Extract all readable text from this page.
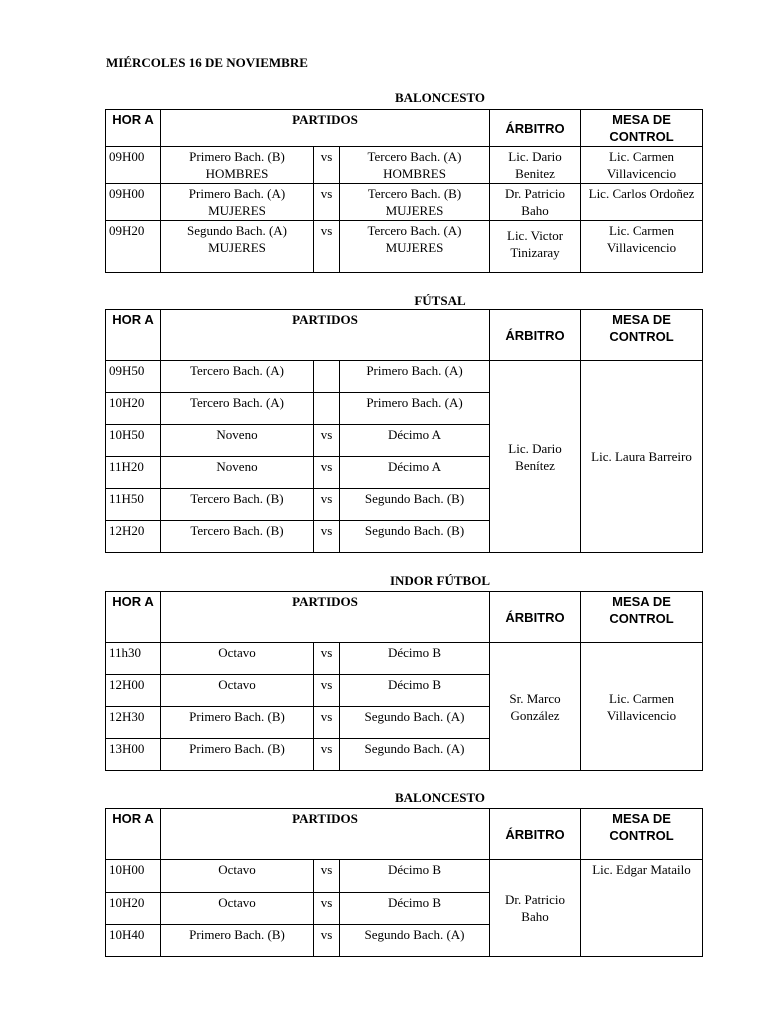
MIÉRCOLES 16 DE NOVIEMBRE
BALONCESTO
HOR A	PARTIDOS			ÁRBITRO	MESA DE CONTROL
09H00	Primero Bach. (B) HOMBRES	vs	Tercero Bach. (A) HOMBRES	Lic. Dario Benitez	Lic. Carmen Villavicencio
09H00	Primero Bach. (A) MUJERES	vs	Tercero Bach. (B) MUJERES	Dr. Patricio Baho	Lic. Carlos Ordoñez
09H20	Segundo Bach. (A) MUJERES	vs	Tercero Bach. (A) MUJERES	Lic. Victor Tinizaray	Lic. Carmen Villavicencio
FÚTSAL
HOR A	PARTIDOS			ÁRBITRO	MESA DE CONTROL
09H50	Tercero Bach. (A)		Primero Bach. (A)	Lic. Dario Benítez	Lic. Laura Barreiro
10H20	Tercero Bach. (A)		Primero Bach. (A)		
10H50	Noveno	vs	Décimo A		
11H20	Noveno	vs	Décimo A		
11H50	Tercero Bach. (B)	vs	Segundo Bach. (B)		
12H20	Tercero Bach. (B)	vs	Segundo Bach. (B)		
INDOR FÚTBOL
HOR A	PARTIDOS			ÁRBITRO	MESA DE CONTROL
11h30	Octavo	vs	Décimo B	Sr. Marco González	Lic. Carmen Villavicencio
12H00	Octavo	vs	Décimo B		
12H30	Primero Bach. (B)	vs	Segundo Bach. (A)		
13H00	Primero Bach. (B)	vs	Segundo Bach. (A)		
BALONCESTO
HOR A	PARTIDOS			ÁRBITRO	MESA DE CONTROL
10H00	Octavo	vs	Décimo B	Dr. Patricio Baho	Lic. Edgar Matailo
10H20	Octavo	vs	Décimo B		
10H40	Primero Bach. (B)	vs	Segundo Bach. (A)		
